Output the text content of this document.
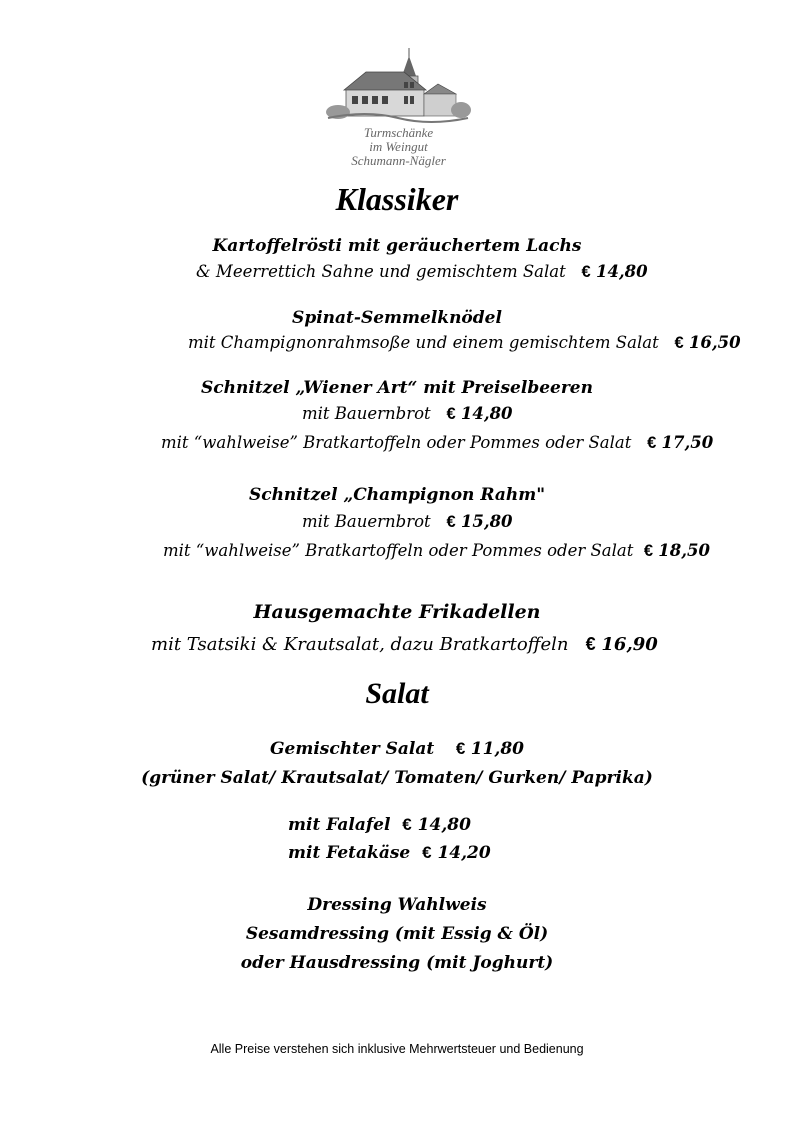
Turmschänke
im Weingut
Schumann-Nägler
Klassiker
Kartoffelrösti mit geräuchertem Lachs
& Meerrettich Sahne und gemischtem Salat € 14,80
Spinat-Semmelknödel
mit Champignonrahmsoße und einem gemischtem Salat € 16,50
Schnitzel „Wiener Art“ mit Preiselbeeren
mit Bauernbrot € 14,80
mit “wahlweise” Bratkartoffeln oder Pommes oder Salat € 17,50
Schnitzel „Champignon Rahm"
mit Bauernbrot € 15,80
mit “wahlweise” Bratkartoffeln oder Pommes oder Salat € 18,50
Hausgemachte Frikadellen
mit Tsatsiki & Krautsalat, dazu Bratkartoffeln € 16,90
Salat
Gemischter Salat € 11,80
(grüner Salat/ Krautsalat/ Tomaten/ Gurken/ Paprika)
mit Falafel € 14,80
mit Fetakäse € 14,20
Dressing Wahlweis
Sesamdressing (mit Essig & Öl)
oder Hausdressing (mit Joghurt)
Alle Preise verstehen sich inklusive Mehrwertsteuer und Bedienung
